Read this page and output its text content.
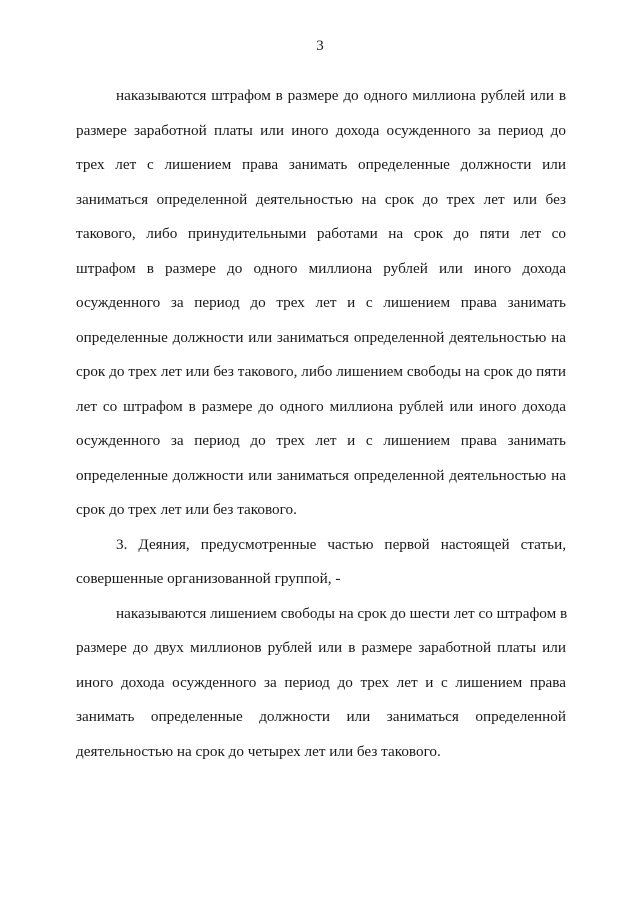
3
наказываются штрафом в размере до одного миллиона рублей или в
размере заработной платы или иного дохода осужденного за период до
трех лет с лишением права занимать определенные должности или
заниматься определенной деятельностью на срок до трех лет или без
такового, либо принудительными работами на срок до пяти лет со
штрафом в размере до одного миллиона рублей или иного дохода
осужденного за период до трех лет и с лишением права занимать
определенные должности или заниматься определенной деятельностью на
срок до трех лет или без такового, либо лишением свободы на срок до пяти
лет со штрафом в размере до одного миллиона рублей или иного дохода
осужденного за период до трех лет и с лишением права занимать
определенные должности или заниматься определенной деятельностью на
срок до трех лет или без такового.
3. Деяния, предусмотренные частью первой настоящей статьи,
совершенные организованной группой, -
наказываются лишением свободы на срок до шести лет со штрафом в
размере до двух миллионов рублей или в размере заработной платы или
иного дохода осужденного за период до трех лет и с лишением права
занимать определенные должности или заниматься определенной
деятельностью на срок до четырех лет или без такового.
